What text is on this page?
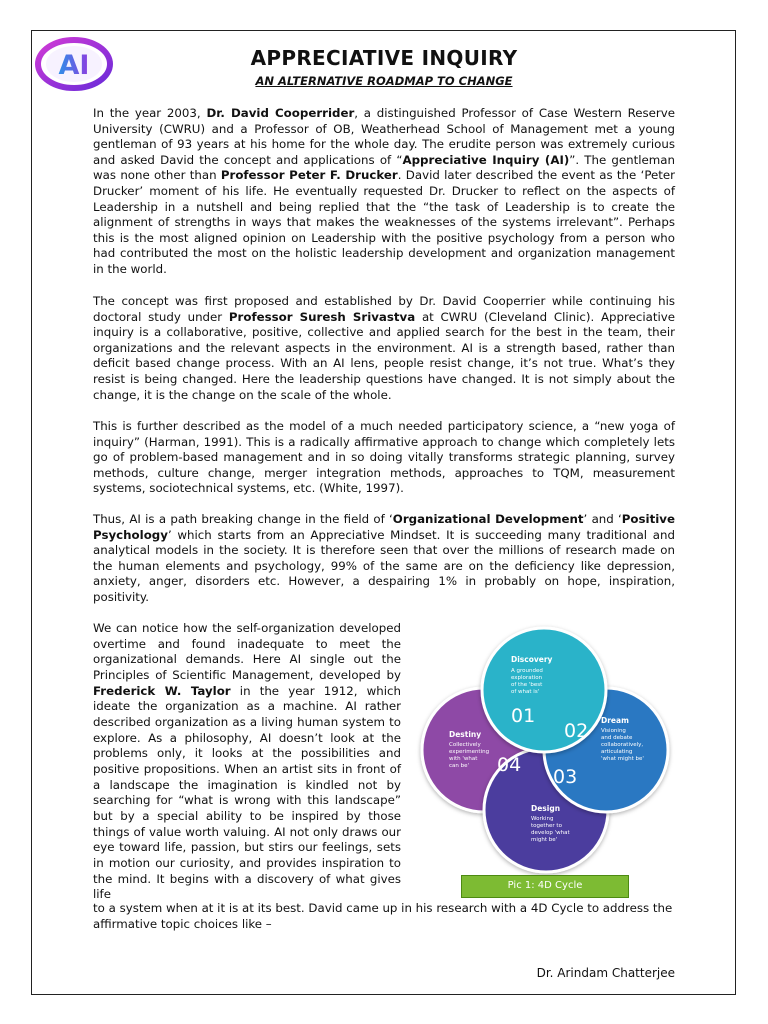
AI	APPRECIATIVE INQUIRY
AN ALTERNATIVE ROADMAP TO CHANGE

In the year 2003, Dr. David Cooperrider, a distinguished Professor of Case Western Reserve University (CWRU) and a Professor of OB, Weatherhead School of Management met a young gentleman of 93 years at his home for the whole day. The erudite person was extremely curious and asked David the concept and applications of “Appreciative Inquiry (AI)”. The gentleman was none other than Professor Peter F. Drucker. David later described the event as the ‘Peter Drucker’ moment of his life. He eventually requested Dr. Drucker to reflect on the aspects of Leadership in a nutshell and being replied that the “the task of Leadership is to create the alignment of strengths in ways that makes the weaknesses of the systems irrelevant”. Perhaps this is the most aligned opinion on Leadership with the positive psychology from a person who had contributed the most on the holistic leadership development and organization management in the world.

The concept was first proposed and established by Dr. David Cooperrier while continuing his doctoral study under Professor Suresh Srivastva at CWRU (Cleveland Clinic). Appreciative inquiry is a collaborative, positive, collective and applied search for the best in the team, their organizations and the relevant aspects in the environment. AI is a strength based, rather than deficit based change process. With an AI lens, people resist change, it’s not true. What’s they resist is being changed. Here the leadership questions have changed. It is not simply about the change, it is the change on the scale of the whole.

This is further described as the model of a much needed participatory science, a “new yoga of inquiry” (Harman, 1991). This is a radically affirmative approach to change which completely lets go of problem-based management and in so doing vitally transforms strategic planning, survey methods, culture change, merger integration methods, approaches to TQM, measurement systems, sociotechnical systems, etc. (White, 1997).

Thus, AI is a path breaking change in the field of ‘Organizational Development’ and ‘Positive Psychology’ which starts from an Appreciative Mindset. It is succeeding many traditional and analytical models in the society. It is therefore seen that over the millions of research made on the human elements and psychology, 99% of the same are on the deficiency like depression, anxiety, anger, disorders etc. However, a despairing 1% in probably on hope, inspiration, positivity.

We can notice how the self-organization developed overtime and found inadequate to meet the organizational demands. Here AI single out the Principles of Scientific Management, developed by Frederick W. Taylor in the year 1912, which ideate the organization as a machine. AI rather described organization as a living human system to explore. As a philosophy, AI doesn’t look at the problems only, it looks at the possibilities and positive propositions. When an artist sits in front of a landscape the imagination is kindled not by searching for “what is wrong with this landscape” but by a special ability to be inspired by those things of value worth valuing. AI not only draws our eye toward life, passion, but stirs our feelings, sets in motion our curiosity, and provides inspiration to the mind. It begins with a discovery of what gives life

to a system when at it is at its best. David came up in his research with a 4D Cycle to address the affirmative topic choices like –

Discovery
A grounded
exploration
of the 'best
of what is'
01	Dream
Visioning
and debate
collaboratively,
articulating
'what might be'
02
03
Design
Working
together to
develop 'what
might be'
Destiny
Collectively
experimenting
with 'what
can be' 04
Pic 1: 4D Cycle
Dr. Arindam Chatterjee
